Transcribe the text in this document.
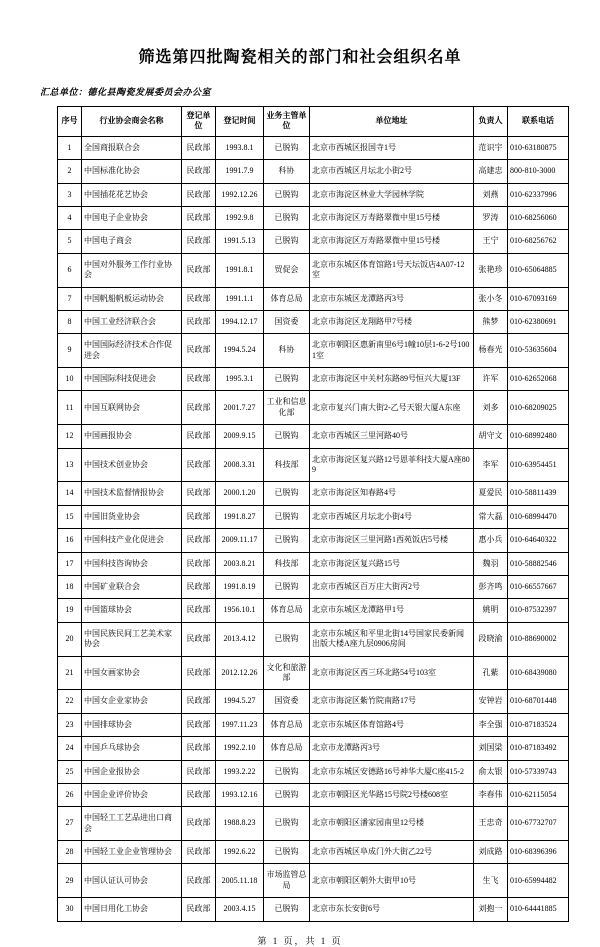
筛选第四批陶瓷相关的部门和社会组织名单
汇总单位：德化县陶瓷发展委员会办公室
序号	行业协会商会名称	登记单位	登记时间	业务主管单位	单位地址	负责人	联系电话
1	全国商报联合会	民政部	1993.8.1	已脱钩	北京市西城区报国寺1号	范识宇	010-63180875
2	中国标准化协会	民政部	1991.7.9	科协	北京市西城区月坛北小街2号	高建忠	800-810-3000
3	中国插花花艺协会	民政部	1992.12.26	已脱钩	北京市海淀区林业大学园林学院	刘燕	010-62337996
4	中国电子企业协会	民政部	1992.9.8	已脱钩	北京市海淀区万寿路翠微中里15号楼	罗涛	010-68256060
5	中国电子商会	民政部	1991.5.13	已脱钩	北京市海淀区万寿路翠微中里15号楼	王宁	010-68256762
6	中国对外服务工作行业协会	民政部	1991.8.1	贸促会	北京市东城区体育馆路1号天坛饭店4A07-12室	张艳珍	010-65064885
7	中国帆船帆板运动协会	民政部	1991.1.1	体育总局	北京市东城区龙潭路丙3号	张小冬	010-67093169
8	中国工业经济联合会	民政部	1994.12.17	国资委	北京市海淀区龙翔路甲7号楼	熊梦	010-62380691
9	中国国际经济技术合作促进会	民政部	1994.5.24	科协	北京市朝阳区惠新南里6号1幢10层1-6-2号1001室	杨春光	010-53635604
10	中国国际科技促进会	民政部	1995.3.1	已脱钩	北京市海淀区中关村东路89号恒兴大厦13F	许军	010-62652068
11	中国互联网协会	民政部	2001.7.27	工业和信息化部	北京市复兴门南大街2-乙号天银大厦A东座	刘多	010-68209025
12	中国画报协会	民政部	2009.9.15	已脱钩	北京市西城区三里河路40号	胡守文	010-68992480
13	中国技术创业协会	民政部	2008.3.31	科技部	北京市海淀区复兴路12号恩菲科技大厦A座809	李军	010-63954451
14	中国技术监督情报协会	民政部	2000.1.20	已脱钩	北京市海淀区知春路4号	夏爱民	010-58811439
15	中国旧货业协会	民政部	1991.8.27	已脱钩	北京市西城区月坛北小街4号	常大磊	010-68994470
16	中国科技产业化促进会	民政部	2009.11.17	已脱钩	北京市海淀区三里河路1西苑饭店5号楼	惠小兵	010-64640322
17	中国科技咨询协会	民政部	2003.8.21	科技部	北京市海淀区复兴路15号	魏羽	010-58882546
18	中国矿业联合会	民政部	1991.8.19	已脱钩	北京市西城区百万庄大街丙2号	彭齐鸣	010-66557667
19	中国篮球协会	民政部	1956.10.1	体育总局	北京市东城区龙潭路甲1号	姚明	010-87532397
20	中国民族民间工艺美术家协会	民政部	2013.4.12	已脱钩	北京市东城区和平里北街14号国家民委新闻出版大楼A座九层0906房间	段晓渝	010-88690002
21	中国女画家协会	民政部	2012.12.26	文化和旅游部	北京市海淀区西三环北路54号103室	孔紫	010-68439080
22	中国女企业家协会	民政部	1994.5.27	国资委	北京市海淀区紫竹院南路17号	安钟岩	010-68701448
23	中国排球协会	民政部	1997.11.23	体育总局	北京市东城区体育馆路4号	李全强	010-87183524
24	中国乒乓球协会	民政部	1992.2.10	体育总局	北京市龙潭路丙3号	刘国梁	010-87183492
25	中国企业报协会	民政部	1993.2.22	已脱钩	北京市东城区安德路16号神华大厦C座415-2	俞太银	010-57339743
26	中国企业评价协会	民政部	1993.12.16	已脱钩	北京市朝阳区光华路15号院2号楼608室	李春伟	010-62115054
27	中国轻工工艺品进出口商会	民政部	1988.8.23	已脱钩	北京市朝阳区潘家园南里12号楼	王忠奇	010-67732707
28	中国轻工业企业管理协会	民政部	1992.6.22	已脱钩	北京市西城区阜成门外大街乙22号	刘成路	010-68396396
29	中国认证认可协会	民政部	2005.11.18	市场监管总局	北京市朝阳区朝外大街甲10号	生飞	010-65994482
30	中国日用化工协会	民政部	2003.4.15	已脱钩	北京市东长安街6号	刘抱一	010-64441885
第 1 页，共 1 页
